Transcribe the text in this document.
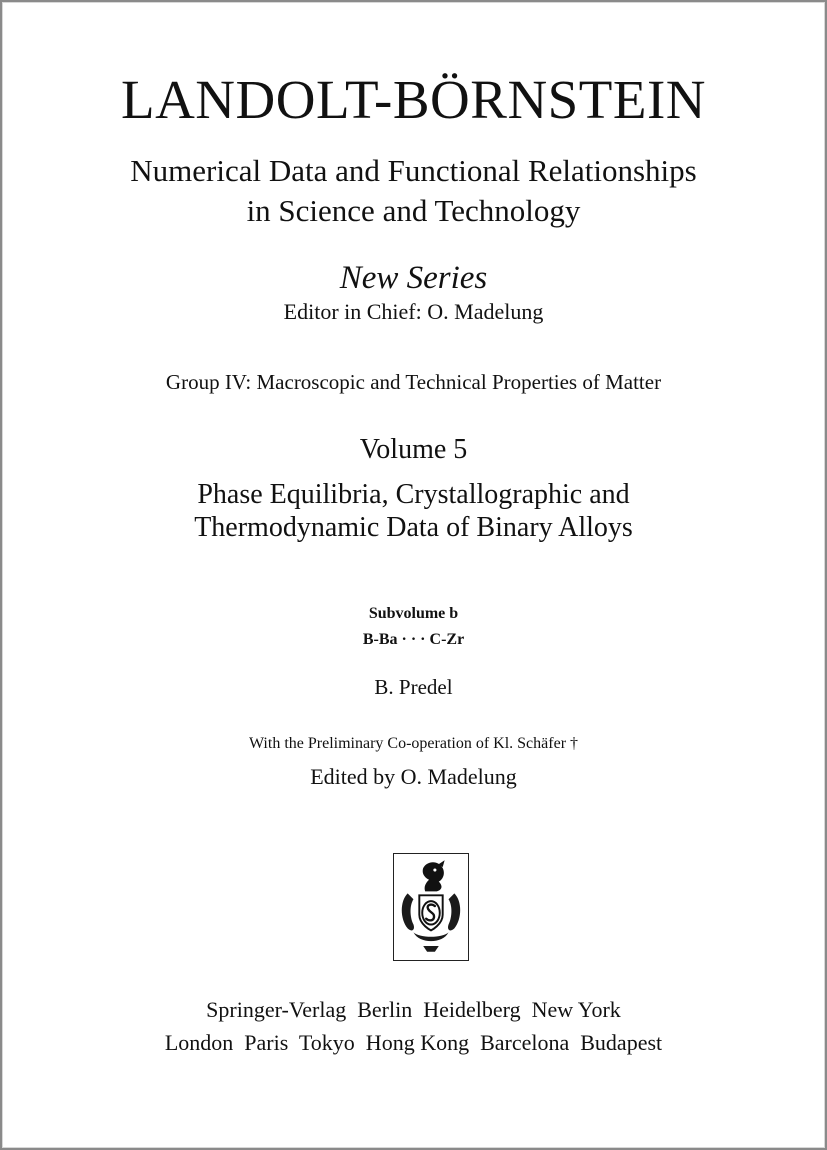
LANDOLT-BÖRNSTEIN
Numerical Data and Functional Relationships
in Science and Technology
New Series
Editor in Chief: O. Madelung
Group IV: Macroscopic and Technical Properties of Matter
Volume 5
Phase Equilibria, Crystallographic and
Thermodynamic Data of Binary Alloys
Subvolume b
B-Ba · · · C-Zr
B. Predel
With the Preliminary Co-operation of Kl. Schäfer †
Edited by O. Madelung
Springer-Verlag  Berlin  Heidelberg  New York
London  Paris  Tokyo  Hong Kong  Barcelona  Budapest
